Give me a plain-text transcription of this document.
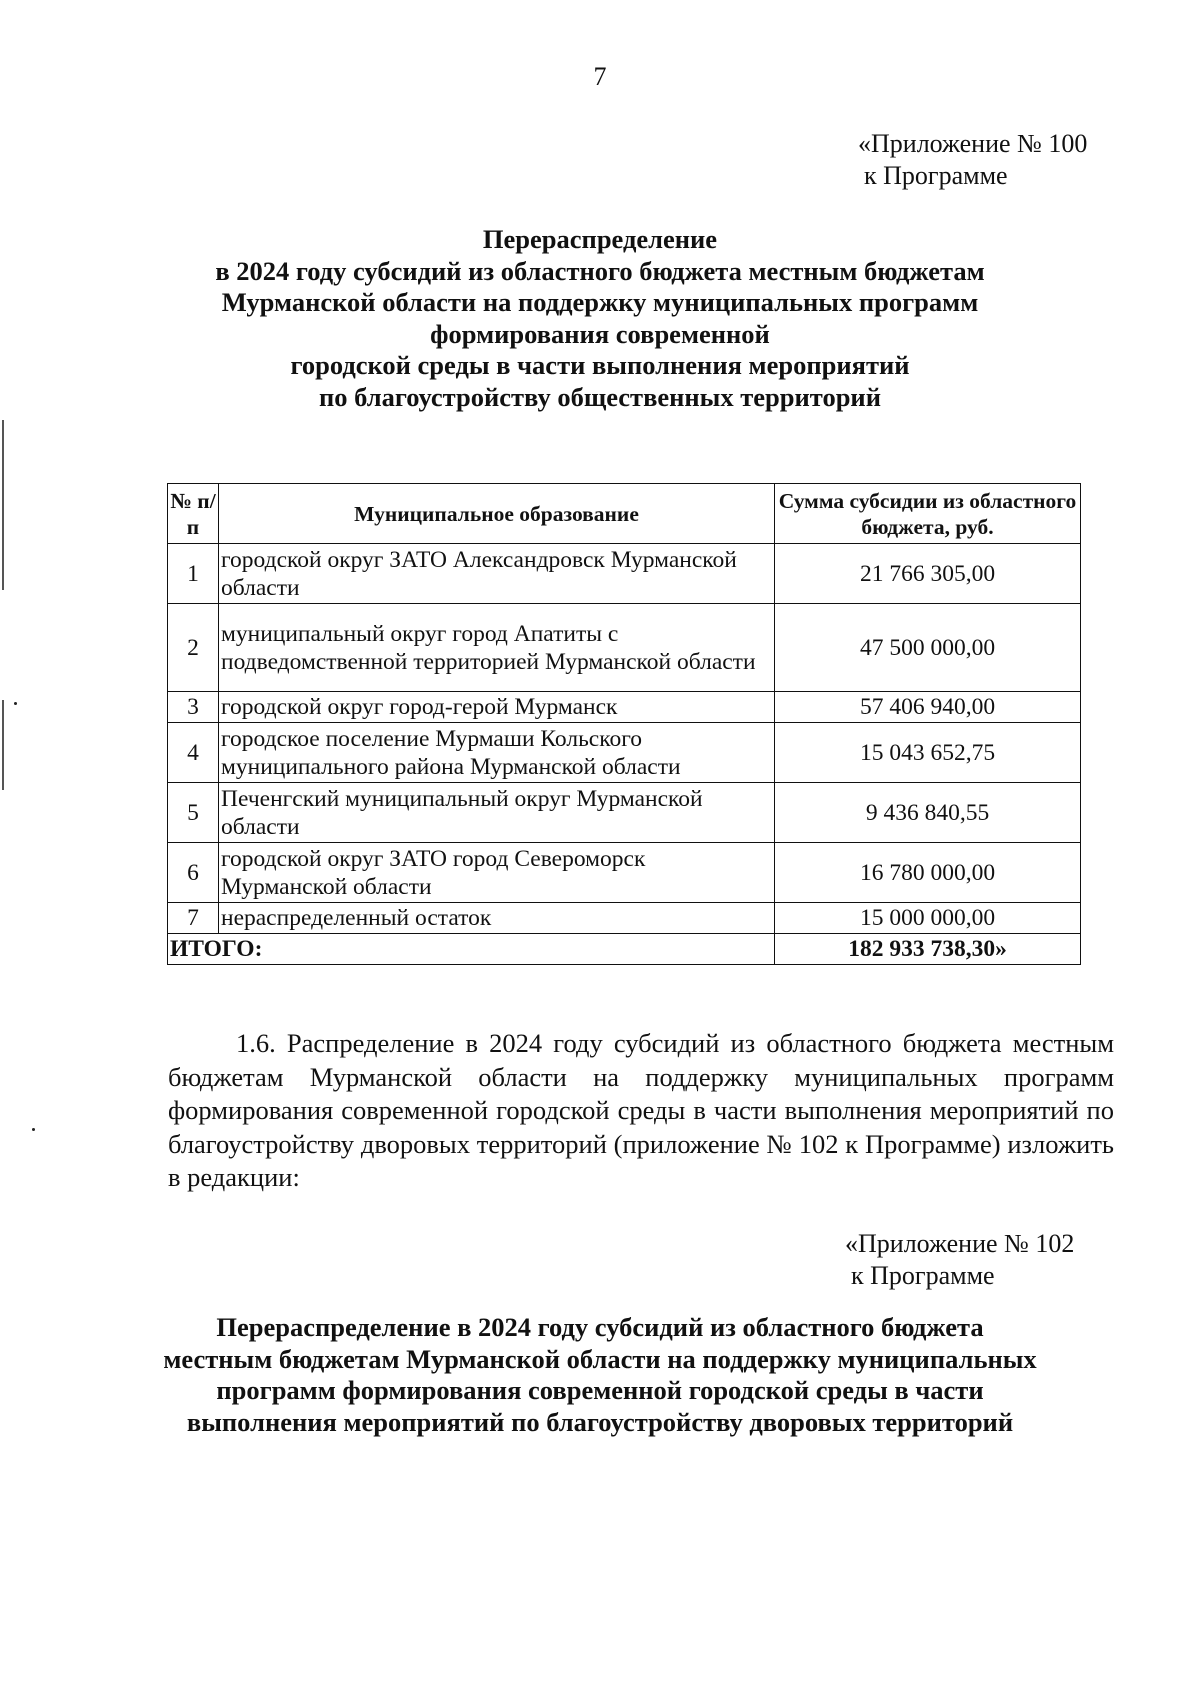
7
«Приложение № 100
к Программе
Перераспределение
в 2024 году субсидий из областного бюджета местным бюджетам
Мурманской области на поддержку муниципальных программ
формирования современной
городской среды в части выполнения мероприятий
по благоустройству общественных территорий
№ п/п	Муниципальное образование	Сумма субсидии из областного бюджета, руб.
1	городской округ ЗАТО Александровск Мурманской области	21 766 305,00
2	муниципальный округ город Апатиты с подведомственной территорией Мурманской области	47 500 000,00
3	городской округ город-герой Мурманск	57 406 940,00
4	городское поселение Мурмаши Кольского муниципального района Мурманской области	15 043 652,75
5	Печенгский муниципальный округ Мурманской области	9 436 840,55
6	городской округ ЗАТО город Североморск Мурманской области	16 780 000,00
7	нераспределенный остаток	15 000 000,00
ИТОГО:		182 933 738,30»
1.6. Распределение в 2024 году субсидий из областного бюджета местным бюджетам Мурманской области на поддержку муниципальных программ формирования современной городской среды в части выполнения мероприятий по благоустройству дворовых территорий (приложение № 102 к Программе) изложить в редакции:
«Приложение № 102
к Программе
Перераспределение в 2024 году субсидий из областного бюджета
местным бюджетам Мурманской области на поддержку муниципальных
программ формирования современной городской среды в части
выполнения мероприятий по благоустройству дворовых территорий
